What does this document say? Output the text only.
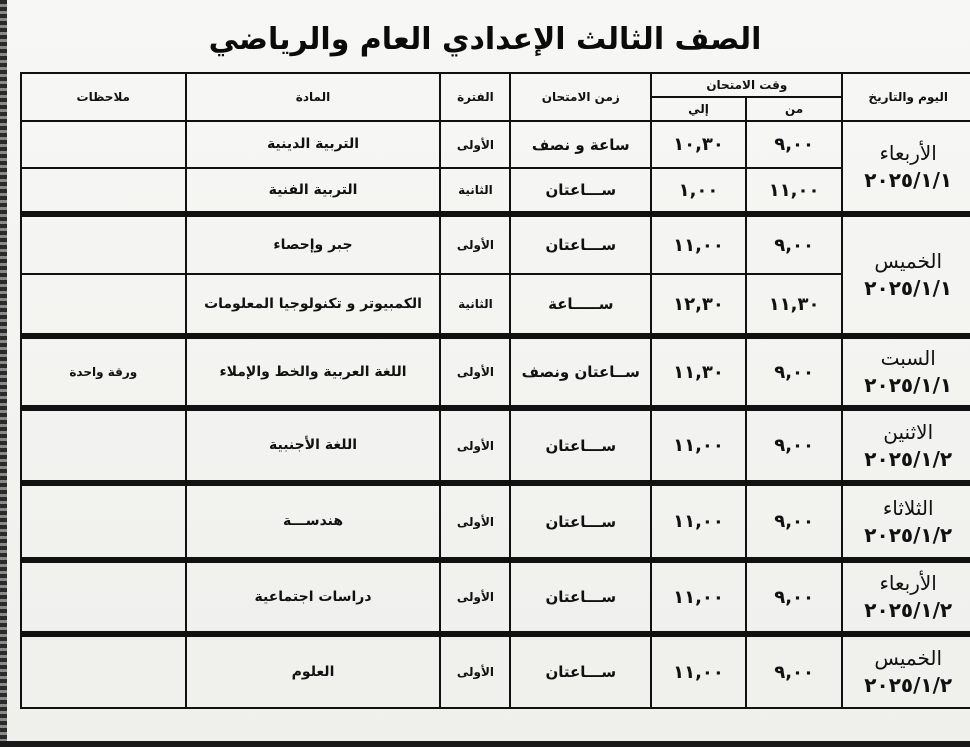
الصف الثالث الإعدادي العام والرياضي
اليوم والتاريخ	وقت الامتحان		زمن الامتحان	الفترة	المادة	ملاحظات
	من	إلي				

الأربعاء
٢٠٢٥/١/١	٩,٠٠	١٠,٣٠	ساعة و نصف	الأولى	التربية الدينية	
	١١,٠٠	١,٠٠	ســـاعتان	الثانية	التربية الفنية	

الخميس
٢٠٢٥/١/١	٩,٠٠	١١,٠٠	ســـاعتان	الأولى	جبر وإحصاء	
	١١,٣٠	١٢,٣٠	ســـــاعة	الثانية	الكمبيوتر و تكنولوجيا المعلومات	

السبت
٢٠٢٥/١/١	٩,٠٠	١١,٣٠	ســاعتان ونصف	الأولى	اللغة العربية والخط والإملاء	ورقة واحدة

الاثنين
٢٠٢٥/١/٢	٩,٠٠	١١,٠٠	ســـاعتان	الأولى	اللغة الأجنبية	

الثلاثاء
٢٠٢٥/١/٢	٩,٠٠	١١,٠٠	ســـاعتان	الأولى	هندســـة	

الأربعاء
٢٠٢٥/١/٢	٩,٠٠	١١,٠٠	ســـاعتان	الأولى	دراسات اجتماعية	

الخميس
٢٠٢٥/١/٢	٩,٠٠	١١,٠٠	ســـاعتان	الأولى	العلوم	
